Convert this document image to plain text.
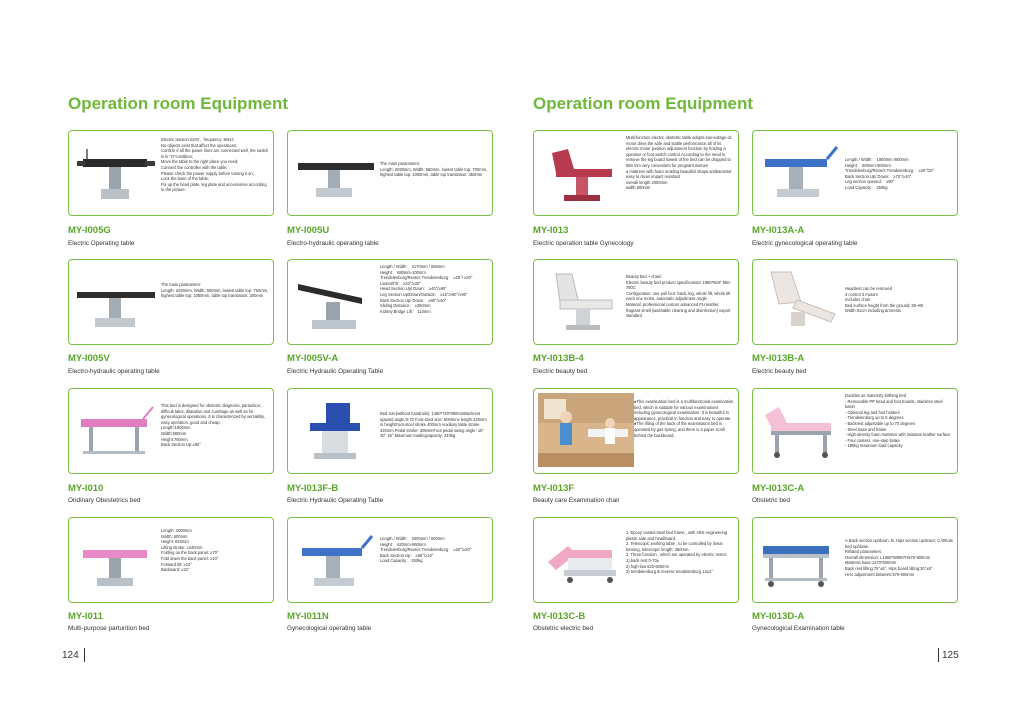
Operation room Equipment
Electric tension:220V、frequency :50Hz;
No objects exist that affect the operations;
Confirm if all the power lines are connected well, the switch is in "O"condition;
Move the table to the right place you need;
Connect the controller with the table;
Please check the power supply before turning it on;
Lock the base of the table;
Fix up the head plate, leg plate and accessories according to the picture.
MY-I005G
Electric Operating table
The main parameters:
Length: 2030mm, Width: 550mm, lowest table top: 700mm, highest table top: 1000mm, table top translation: 350mm
MY-I005U
Electro-hydraulic operating table
The main parameters:
Length: 2020mm, Width: 500mm, lowest table top: 750mm, highest table top: 1050mm, table top translation: 300mm
MY-I005V
Electro-hydraulic operating table
Length / Width： 2170mm / 555mm
Height： 680mm-100mm
Trendelenburg/Revers Trendelenburg： ≥25°/ ≥30°
LateralTilt： ≥20°/≥20°
Head Section Up/ Down： ≥40°/≥90°
Leg Section Up/Down/Outside： ≥15°/≥90°/≥90°
Back Section Up/ Down： ≥80°/≥40°
Sliding Distance： ≥350mm
Kidney Bridge Lift： 110mm
MY-I005V-A
Electric Hydraulic Operating Table
This bed is designed for obstetric diagnosis, parturition, difficult labor, dilatation and curettage as well as for gynecological operations. It is characterized by versatility, easy operation, good and cheap.
Length:1900mm
Width:660mm
Height:750mm
Back Section Up:≥80°
MY-I010
Oridinary Obestetrics bed
Bed size(without handrails): 1460*720*980mmBackrest upward angle:0-70 Foot-stool size: 500mmx length 225mm in heightFoot-stool stroke 400mm Auxiliary table stroke 420mm Pedal stroke: 305mmFoot pedal swing angle: 15° 30° 45° Maximum loadingcapacity: 240kg
MY-I013F-B
Electric Hydraulic Operating Table
Length: 2000mm
Width: 600mm
Height: 620mm
Lifting stroke: ≥240mm
Folding on the back panel: ≥70°
Fold down the back panel: ≥10°
Forward tilt: ≥10°
Backward: ≥22°
MY-I011
Multi-purpose parturition bed
Length / Width： 2000mm / 600mm
Height： 620mm-860mm
Trendelenburg/Revers Trendelenburg： ≥20°/≥20°
Back Section Up： ≥65°/≥10°
Load Capacity： 250kg
MY-I011N
Gynecological operating table
124
Operation room Equipment
Multi-function electric obstetric table adopts low-voltage dc motor drive,the safe and stable performance.all of its electric motor position adjustment function by holding a operator or foot switch control.According to the need to remove the leg board lowest of the bed can be dropped to 550 mm very convenient for pregnant women
a mattress with foam molding beautiful shape,antibacterial easy to clean impact resistant
overall length 2000mm
width 600mm
MY-I013
Electric operation table Gynecology
Length / Width： 1900mm /600mm
Height： 600mm-900mm
Trendelenburg/Revers Trendelenburg： ≥20°/20°
Back Section Up/ Down： ≥70°/≥10°
Leg section opened： ≥90°
Load Capacity： 250kg
MY-I013A-A
Electric gynecological operating table
Beauty bed + chair/
Electric beauty bed product specifications 1950*650* 550-780C
Configuration: one pull four: back, leg, whole lift, whole tilt each one motor, automatic adjustment Angle
Material: professional custom advanced PU leather, fragrant smell (washable cleaning and disinfection) export standard
MY-I013B-4
Electric beauty bed
Headrest can be removed
3 control 3 motors
Includes chair
Bed surface height from the ground: 60~88
Width 81cm including armrests
MY-I013B-A
Electric beauty bed
●This examination bed is a multifunctional examination bed, which is suitable for various examinations including gynecological examination. It is beautiful in appearance, practical in function and easy to operate.
●The lifting of the back of the examination bed is operated by gas spring, and there is a paper scroll behind the backboard.
MY-I013F
Beauty care Examination chair
Doubles as maternity birthing bed
- Removable PP head and foot boards, stainless steel basin
- Optional leg and foot holders
- Trendelenburg up to 5 degrees
- Backrest adjustable up to 70 degrees
- Steel base and frame
- High-density foam mattress with imitation leather surface
- Four casters, one-step brake
- 180kg maximum load capacity
MY-I013C-A
Obstetric bed
1. Epoxy coated steel bed frame , with ABS engineering plastic side and headboard.
2. Telescopic working table , to be controlled by linear bearing, telescopic length: 350mm.
3. Three function , which are operated by electric motor:
1).back rest 0-70±
2) high-low 620-920mm
3) trendelenburg & reverse trendelenburg 12±2°
MY-I013C-B
Obstetric electric bed
A.Back section up/down. B. Hips section up/down; C.Whole bed up/down
Related parameters:
Overall dimension: L1860*W850*H570-900mm
Mattress base:1470*600mm
Back rest lifting:75°±5°, Hips board tilting:30°±5°
Hi-lo adjustment between:570-900mm
MY-I013D-A
Gynecological Examination table
125
